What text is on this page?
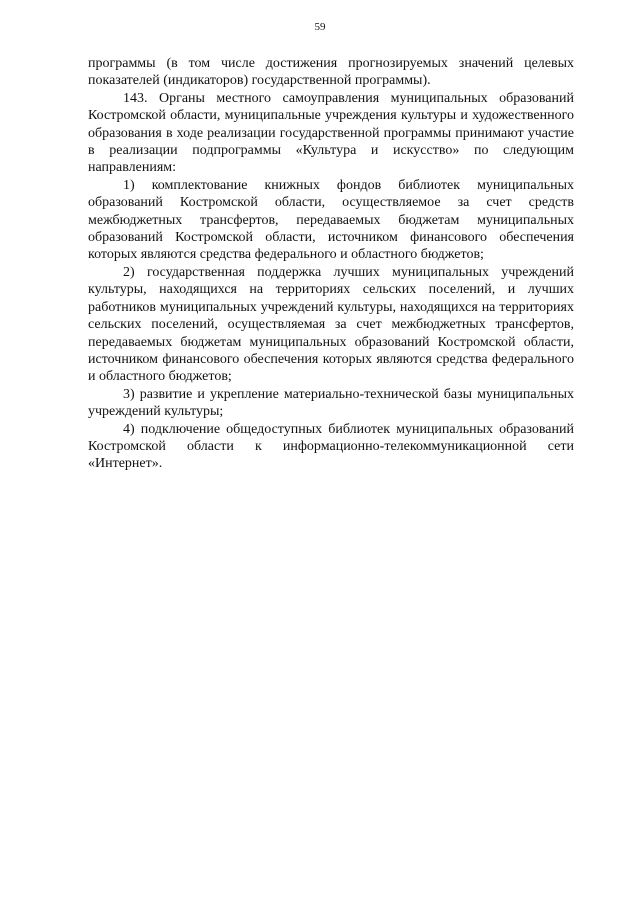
59

программы (в том числе достижения прогнозируемых значений целевых показателей (индикаторов) государственной программы).

143. Органы местного самоуправления муниципальных образований Костромской области, муниципальные учреждения культуры и художественного образования в ходе реализации государственной программы принимают участие в реализации подпрограммы «Культура и искусство» по следующим направлениям:

1) комплектование книжных фондов библиотек муниципальных образований Костромской области, осуществляемое за счет средств межбюджетных трансфертов, передаваемых бюджетам муниципальных образований Костромской области, источником финансового обеспечения которых являются средства федерального и областного бюджетов;

2) государственная поддержка лучших муниципальных учреждений культуры, находящихся на территориях сельских поселений, и лучших работников муниципальных учреждений культуры, находящихся на территориях сельских поселений, осуществляемая за счет межбюджетных трансфертов, передаваемых бюджетам муниципальных образований Костромской области, источником финансового обеспечения которых являются средства федерального и областного бюджетов;

3) развитие и укрепление материально-технической базы муниципальных учреждений культуры;

4) подключение общедоступных библиотек муниципальных образований Костромской области к информационно-телекоммуникационной сети «Интернет».
